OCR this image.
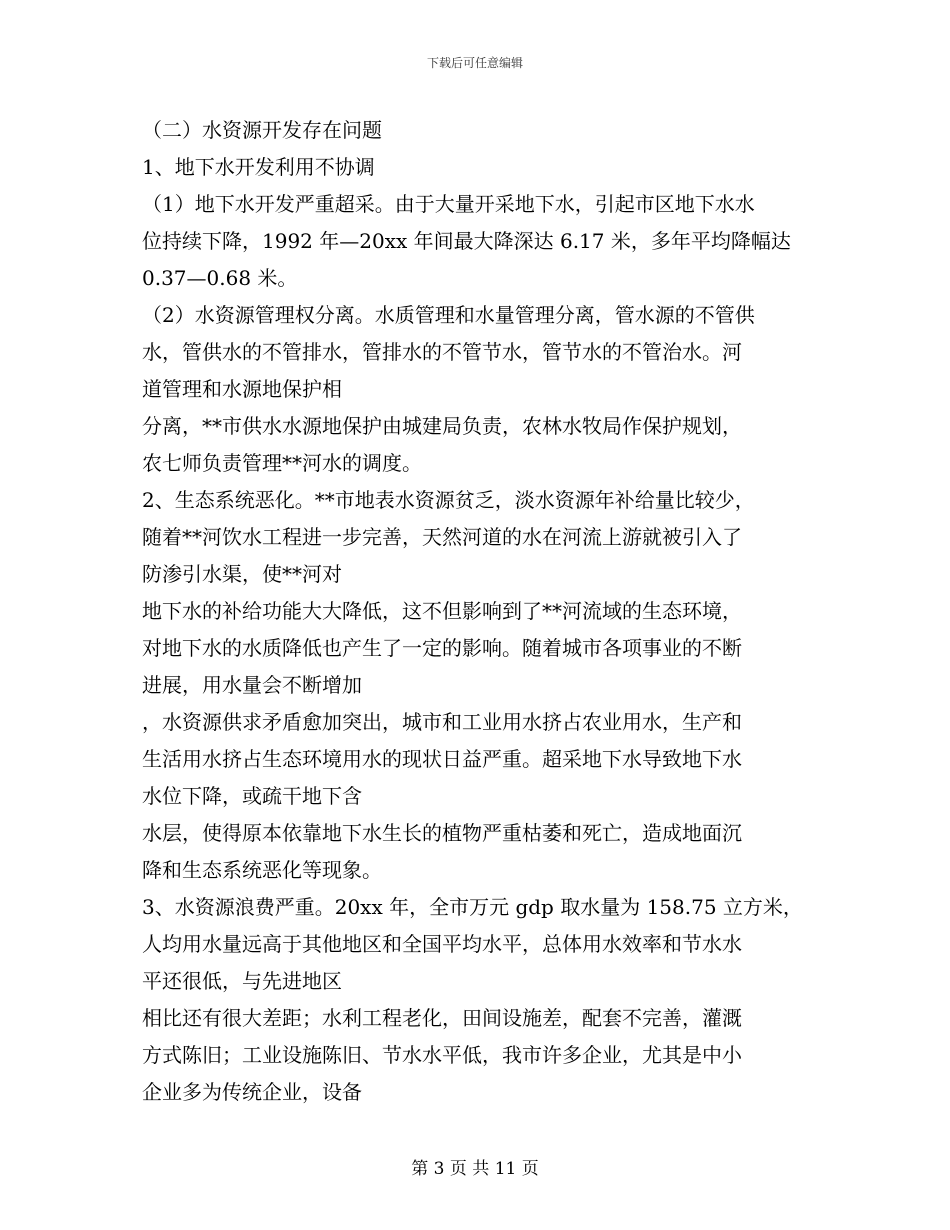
下载后可任意编辑
（二）水资源开发存在问题
1、地下水开发利用不协调
（1）地下水开发严重超采。由于大量开采地下水，引起市区地下水水
位持续下降，1992 年—20xx 年间最大降深达 6.17 米，多年平均降幅达
0.37—0.68 米。
（2）水资源管理权分离。水质管理和水量管理分离，管水源的不管供
水，管供水的不管排水，管排水的不管节水，管节水的不管治水。河
道管理和水源地保护相
分离，**市供水水源地保护由城建局负责，农林水牧局作保护规划，
农七师负责管理**河水的调度。
2、生态系统恶化。**市地表水资源贫乏，淡水资源年补给量比较少，
随着**河饮水工程进一步完善，天然河道的水在河流上游就被引入了
防渗引水渠，使**河对
地下水的补给功能大大降低，这不但影响到了**河流域的生态环境，
对地下水的水质降低也产生了一定的影响。随着城市各项事业的不断
进展，用水量会不断增加
，水资源供求矛盾愈加突出，城市和工业用水挤占农业用水，生产和
生活用水挤占生态环境用水的现状日益严重。超采地下水导致地下水
水位下降，或疏干地下含
水层，使得原本依靠地下水生长的植物严重枯萎和死亡，造成地面沉
降和生态系统恶化等现象。
3、水资源浪费严重。20xx 年，全市万元 gdp 取水量为 158.75 立方米，
人均用水量远高于其他地区和全国平均水平，总体用水效率和节水水
平还很低，与先进地区
相比还有很大差距；水利工程老化，田间设施差，配套不完善，灌溉
方式陈旧；工业设施陈旧、节水水平低，我市许多企业，尤其是中小
企业多为传统企业，设备
第 3 页 共 11 页
